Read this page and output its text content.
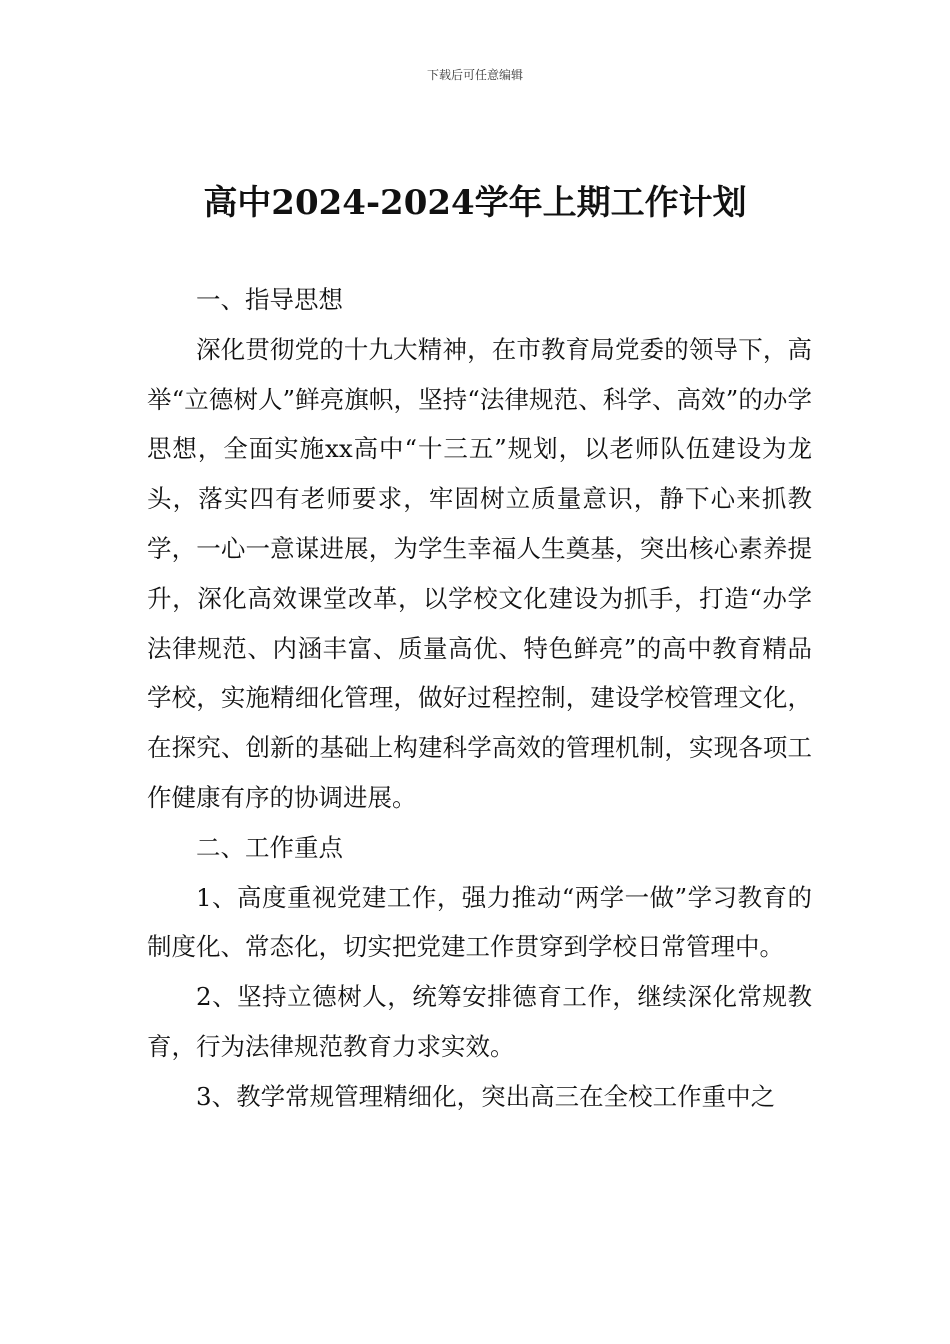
下载后可任意编辑
高中2024-2024学年上期工作计划

一、指导思想

深化贯彻党的十九大精神，在市教育局党委的领导下，高举“立德树人”鲜亮旗帜，坚持“法律规范、科学、高效”的办学思想，全面实施xx高中“十三五”规划，以老师队伍建设为龙头，落实四有老师要求，牢固树立质量意识，静下心来抓教学，一心一意谋进展，为学生幸福人生奠基，突出核心素养提升，深化高效课堂改革，以学校文化建设为抓手，打造“办学法律规范、内涵丰富、质量高优、特色鲜亮”的高中教育精品学校，实施精细化管理，做好过程控制，建设学校管理文化，在探究、创新的基础上构建科学高效的管理机制，实现各项工作健康有序的协调进展。

二、工作重点

1、高度重视党建工作，强力推动“两学一做”学习教育的制度化、常态化，切实把党建工作贯穿到学校日常管理中。

2、坚持立德树人，统筹安排德育工作，继续深化常规教育，行为法律规范教育力求实效。

3、教学常规管理精细化，突出高三在全校工作重中之
